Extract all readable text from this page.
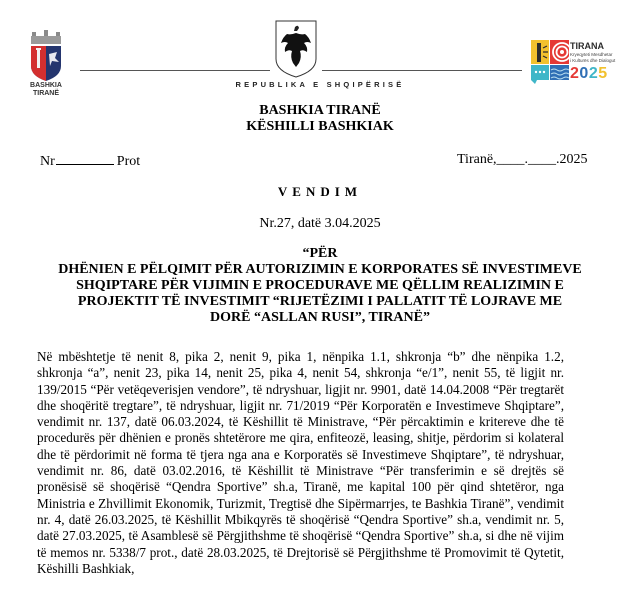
BASHKIA
TIRANË
REPUBLIKA E SHQIPËRISË
TIRANA
Kryeqyteti Mesdhetar
i Kulturës dhe Dialogut
2025
BASHKIA TIRANË
KËSHILLI BASHKIAK
Nr	Prot	Tiranë,____.____.2025
VENDIM
Nr.27, datë 3.04.2025
“PËR
DHËNIEN E PËLQIMIT PËR AUTORIZIMIN E KORPORATES SË INVESTIMEVE
SHQIPTARE PËR VIJIMIN E PROCEDURAVE ME QËLLIM REALIZIMIN E
PROJEKTIT TË INVESTIMIT “RIJETËZIMI I PALLATIT TË LOJRAVE ME
DORË “ASLLAN RUSI”, TIRANË”
Në mbështetje të nenit 8, pika 2, nenit 9, pika 1, nënpika 1.1, shkronja “b” dhe nënpika 1.2, shkronja “a”, nenit 23, pika 14, nenit 25, pika 4, nenit 54, shkronja “e/1”, nenit 55, të ligjit nr. 139/2015 “Për vetëqeverisjen vendore”, të ndryshuar, ligjit nr. 9901, datë 14.04.2008 “Për tregtarët dhe shoqëritë tregtare”, të ndryshuar, ligjit nr. 71/2019 “Për Korporatën e Investimeve Shqiptare”, vendimit nr. 137, datë 06.03.2024, të Këshillit të Ministrave, “Për përcaktimin e kritereve dhe të procedurës për dhënien e pronës shtetërore me qira, enfiteozë, leasing, shitje, përdorim si kolateral dhe të përdorimit në forma të tjera nga ana e Korporatës së Investimeve Shqiptare”, të ndryshuar, vendimit nr. 86, datë 03.02.2016, të Këshillit të Ministrave “Për transferimin e së drejtës së pronësisë së shoqërisë “Qendra Sportive” sh.a, Tiranë, me kapital 100 për qind shtetëror, nga Ministria e Zhvillimit Ekonomik, Turizmit, Tregtisë dhe Sipërmarrjes, te Bashkia Tiranë”, vendimit nr. 4, datë 26.03.2025, të Këshillit Mbikqyrës të shoqërisë “Qendra Sportive” sh.a, vendimit nr. 5, datë 27.03.2025, të Asamblesë së Përgjithshme të shoqërisë “Qendra Sportive” sh.a, si dhe në vijim të memos nr. 5338/7 prot., datë 28.03.2025, të Drejtorisë së Përgjithshme të Promovimit të Qytetit, Këshilli Bashkiak,
